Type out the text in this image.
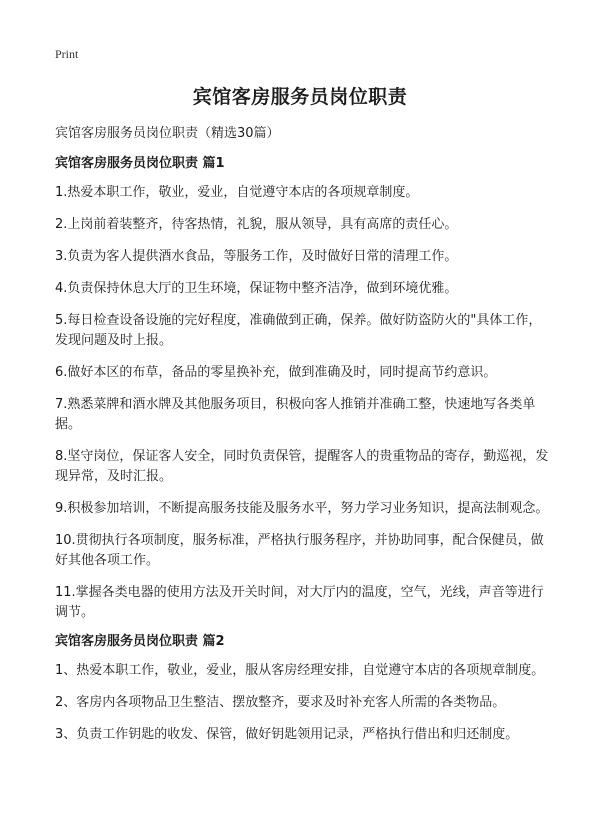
Print
宾馆客房服务员岗位职责
宾馆客房服务员岗位职责（精选30篇）
宾馆客房服务员岗位职责 篇1
1.热爱本职工作，敬业，爱业，自觉遵守本店的各项规章制度。
2.上岗前着装整齐，待客热情，礼貌，服从领导，具有高席的责任心。
3.负责为客人提供酒水食品，等服务工作，及时做好日常的清理工作。
4.负责保持休息大厅的卫生环境，保证物中整齐洁净，做到环境优雅。
5.每日检查设备设施的完好程度，准确做到正确，保养。做好防盗防火的"具体工作，发现问题及时上报。
6.做好本区的布草，备品的零星换补充，做到准确及时，同时提高节约意识。
7.熟悉菜牌和酒水牌及其他服务项目，积极向客人推销并准确工整，快速地写各类单据。
8.坚守岗位，保证客人安全，同时负责保管，提醒客人的贵重物品的寄存，勤巡视，发现异常，及时汇报。
9.积极参加培训，不断提高服务技能及服务水平，努力学习业务知识，提高法制观念。
10.贯彻执行各项制度，服务标准，严格执行服务程序，并协助同事，配合保健员，做好其他各项工作。
11.掌握各类电器的使用方法及开关时间，对大厅内的温度，空气，光线，声音等进行调节。
宾馆客房服务员岗位职责 篇2
1、热爱本职工作，敬业，爱业，服从客房经理安排，自觉遵守本店的各项规章制度。
2、客房内各项物品卫生整洁、摆放整齐，要求及时补充客人所需的各类物品。
3、负责工作钥匙的收发、保管，做好钥匙领用记录，严格执行借出和归还制度。
